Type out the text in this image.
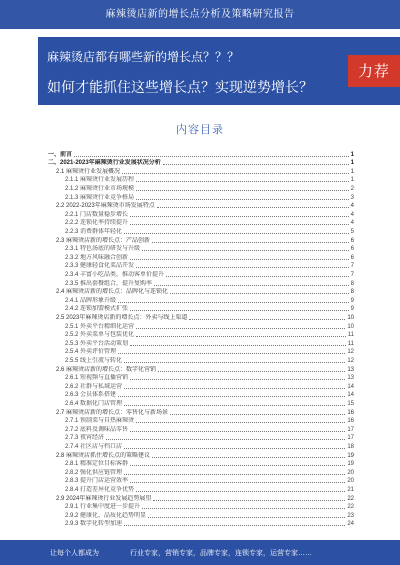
麻辣烫店新的增长点分析及策略研究报告
麻辣烫店都有哪些新的增长点？？？
如何才能抓住这些增长点？实现逆势增长？
力荐
内容目录
一、前言	1
二、2021-2023年麻辣烫行业发展状况分析	1
2.1 麻辣烫行业发展概况	1
2.1.1 麻辣烫行业发展历程	1
2.1.2 麻辣烫行业市场规模	2
2.1.3 麻辣烫行业竞争格局	3
2.2 2022-2023年麻辣烫市场发展特点	4
2.2.1 门店数量稳步增长	4
2.2.2 连锁化率持续提升	4
2.2.3 消费群体年轻化	5
2.3 麻辣烫店新的增长点：产品创新	6
2.3.1 特色汤底的研发与升级	6
2.3.2 地方风味融合创新	6
2.3.3 健康轻食化菜品开发	7
2.3.4 丰富小吃品类，推动客单价提升	7
2.3.5 推出套餐组合，提升复购率	8
2.4 麻辣烫店新的增长点：品牌化与连锁化	8
2.4.1 品牌形象升级	9
2.4.2 连锁加盟模式扩张	9
2.5 2023年麻辣烫店新的增长点：外卖与线上渠道	10
2.5.1 外卖平台精细化运营	10
2.5.2 外卖菜单与包装优化	11
2.5.3 外卖平台活动策划	11
2.5.4 外卖评价管理	12
2.5.5 线上引流与转化	12
2.6 麻辣烫店新的增长点：数字化营销	13
2.6.1 短视频与直播营销	13
2.6.2 社群与私域运营	14
2.6.3 会员体系搭建	14
2.6.4 数据化门店管理	15
2.7 麻辣烫店新的增长点：零售化与新场景	16
2.7.1 预制菜与自热麻辣烫	16
2.7.2 底料及调味品零售	17
2.7.3 夜宵经济	17
2.7.4 社区店与档口店	18
2.8 麻辣烫店抓住增长点的策略建议	19
2.8.1 精准定位目标客群	19
2.8.2 强化供应链管理	20
2.8.3 提升门店运营效率	20
2.8.4 打造差异化竞争优势	21
2.9 2024年麻辣烫行业发展趋势展望	22
2.9.1 行业集中度进一步提升	22
2.9.2 健康化、品质化趋势明显	23
2.9.3 数字化转型加速	24
让每个人都成为	行业专家，营销专家，品牌专家，连锁专家，运营专家……
